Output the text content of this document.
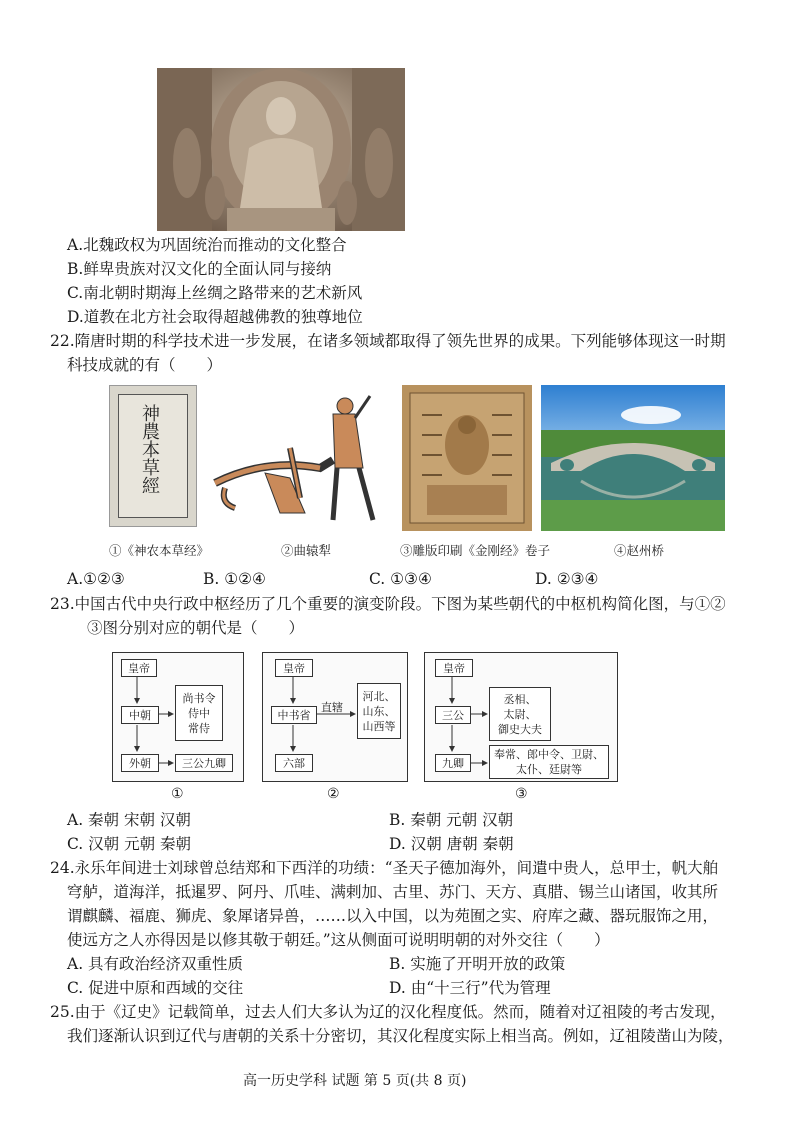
A.北魏政权为巩固统治而推动的文化整合
B.鲜卑贵族对汉文化的全面认同与接纳
C.南北朝时期海上丝绸之路带来的艺术新风
D.道教在北方社会取得超越佛教的独尊地位
22.隋唐时期的科学技术进一步发展，在诸多领域都取得了领先世界的成果。下列能够体现这一时期
科技成就的有（　　）
神農本草經
①《神农本草经》	②曲辕犁	③雕版印刷《金刚经》卷子	④赵州桥
A.①②③	B. ①②④	C. ①③④	D. ②③④
23.中国古代中央行政中枢经历了几个重要的演变阶段。下图为某些朝代的中枢机构简化图，与①②
③图分别对应的朝代是（　　）
皇帝
中朝
尚书令
侍中
常侍
外朝	三公九卿
①
皇帝
中书省
直辖
河北、
山东、
山西等
六部
②
皇帝
三公
丞相、
太尉、
御史大夫
九卿
奉常、郎中令、卫尉、
太仆、廷尉等
③
A. 秦朝 宋朝 汉朝	B. 秦朝 元朝 汉朝
C. 汉朝 元朝 秦朝	D. 汉朝 唐朝 秦朝
24.永乐年间进士刘球曾总结郑和下西洋的功绩：“圣天子德加海外，间遣中贵人，总甲士，帆大舶
穹舻，道海洋，抵暹罗、阿丹、爪哇、满剌加、古里、苏门、天方、真腊、锡兰山诸国，收其所
谓麒麟、福鹿、狮虎、象犀诸异兽，……以入中国，以为苑囿之实、府库之藏、器玩服饰之用，
使远方之人亦得因是以修其敬于朝廷。”这从侧面可说明明朝的对外交往（　　）
A. 具有政治经济双重性质	B. 实施了开明开放的政策
C. 促进中原和西域的交往	D. 由“十三行”代为管理
25.由于《辽史》记载简单，过去人们大多认为辽的汉化程度低。然而，随着对辽祖陵的考古发现，
我们逐渐认识到辽代与唐朝的关系十分密切，其汉化程度实际上相当高。例如，辽祖陵凿山为陵，
高一历史学科 试题 第 5 页(共 8 页)
